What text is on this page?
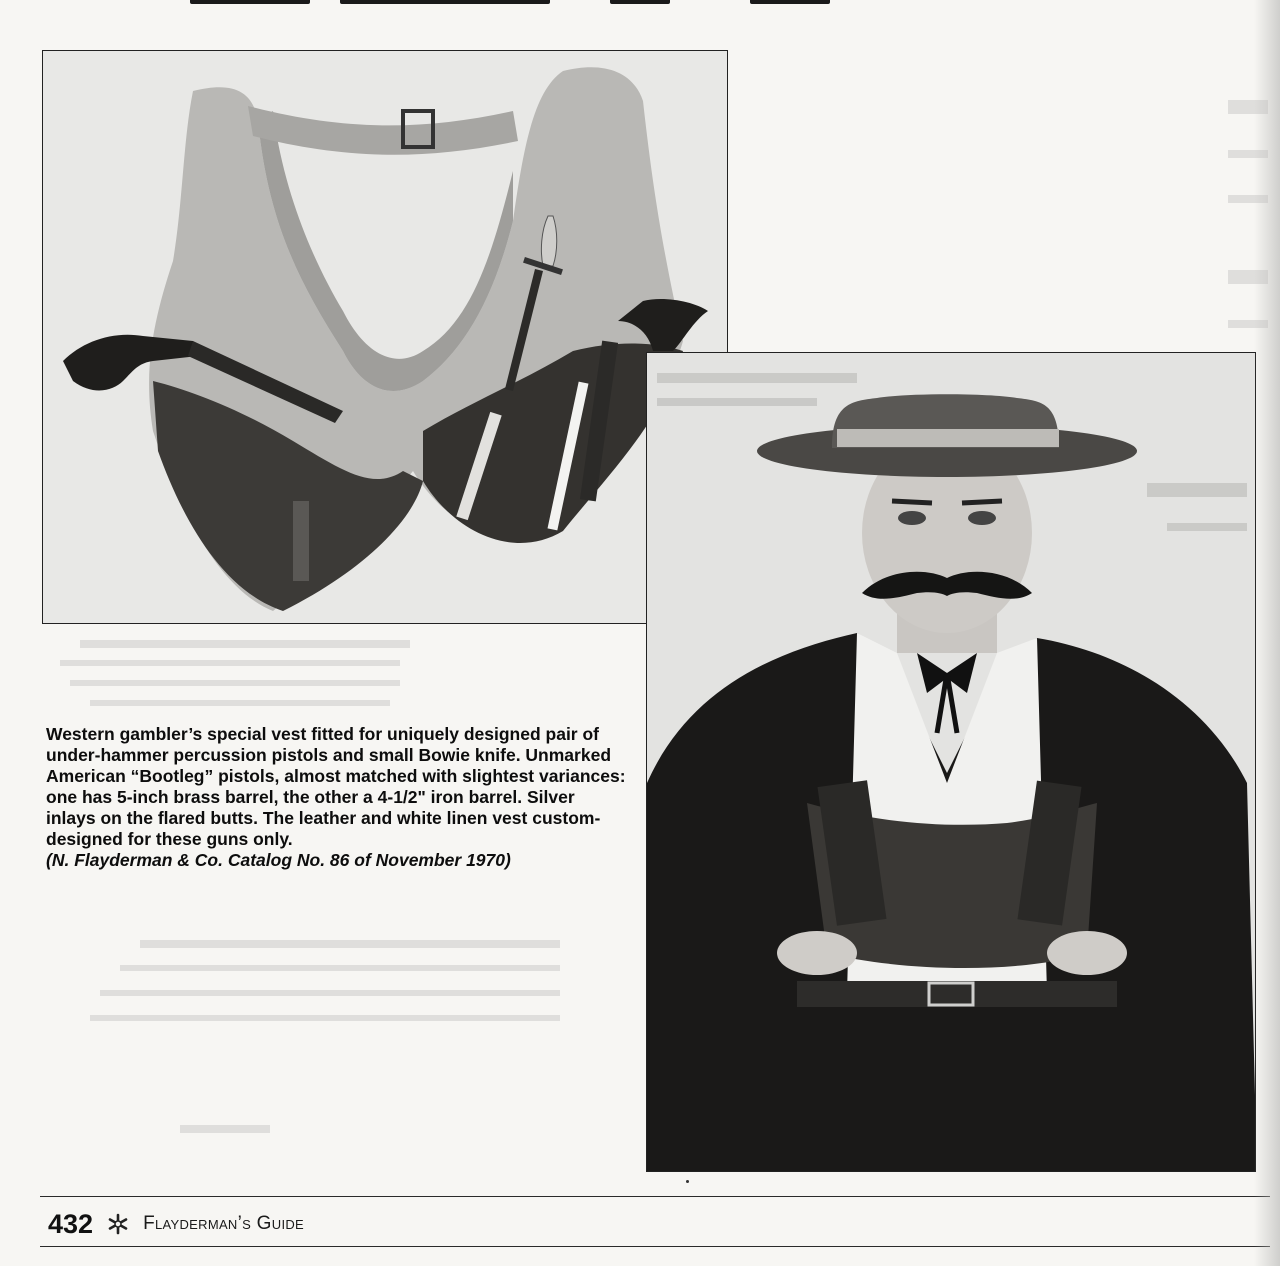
Western gambler’s special vest fitted for uniquely designed pair of under-hammer percussion pistols and small Bowie knife. Unmarked American “Bootleg” pistols, almost matched with slightest variances: one has 5-inch brass barrel, the other a 4-1/2" iron barrel. Silver inlays on the flared butts. The leather and white linen vest custom-designed for these guns only.
(N. Flayderman & Co. Catalog No. 86 of November 1970)

432	Flayderman’s Guide
